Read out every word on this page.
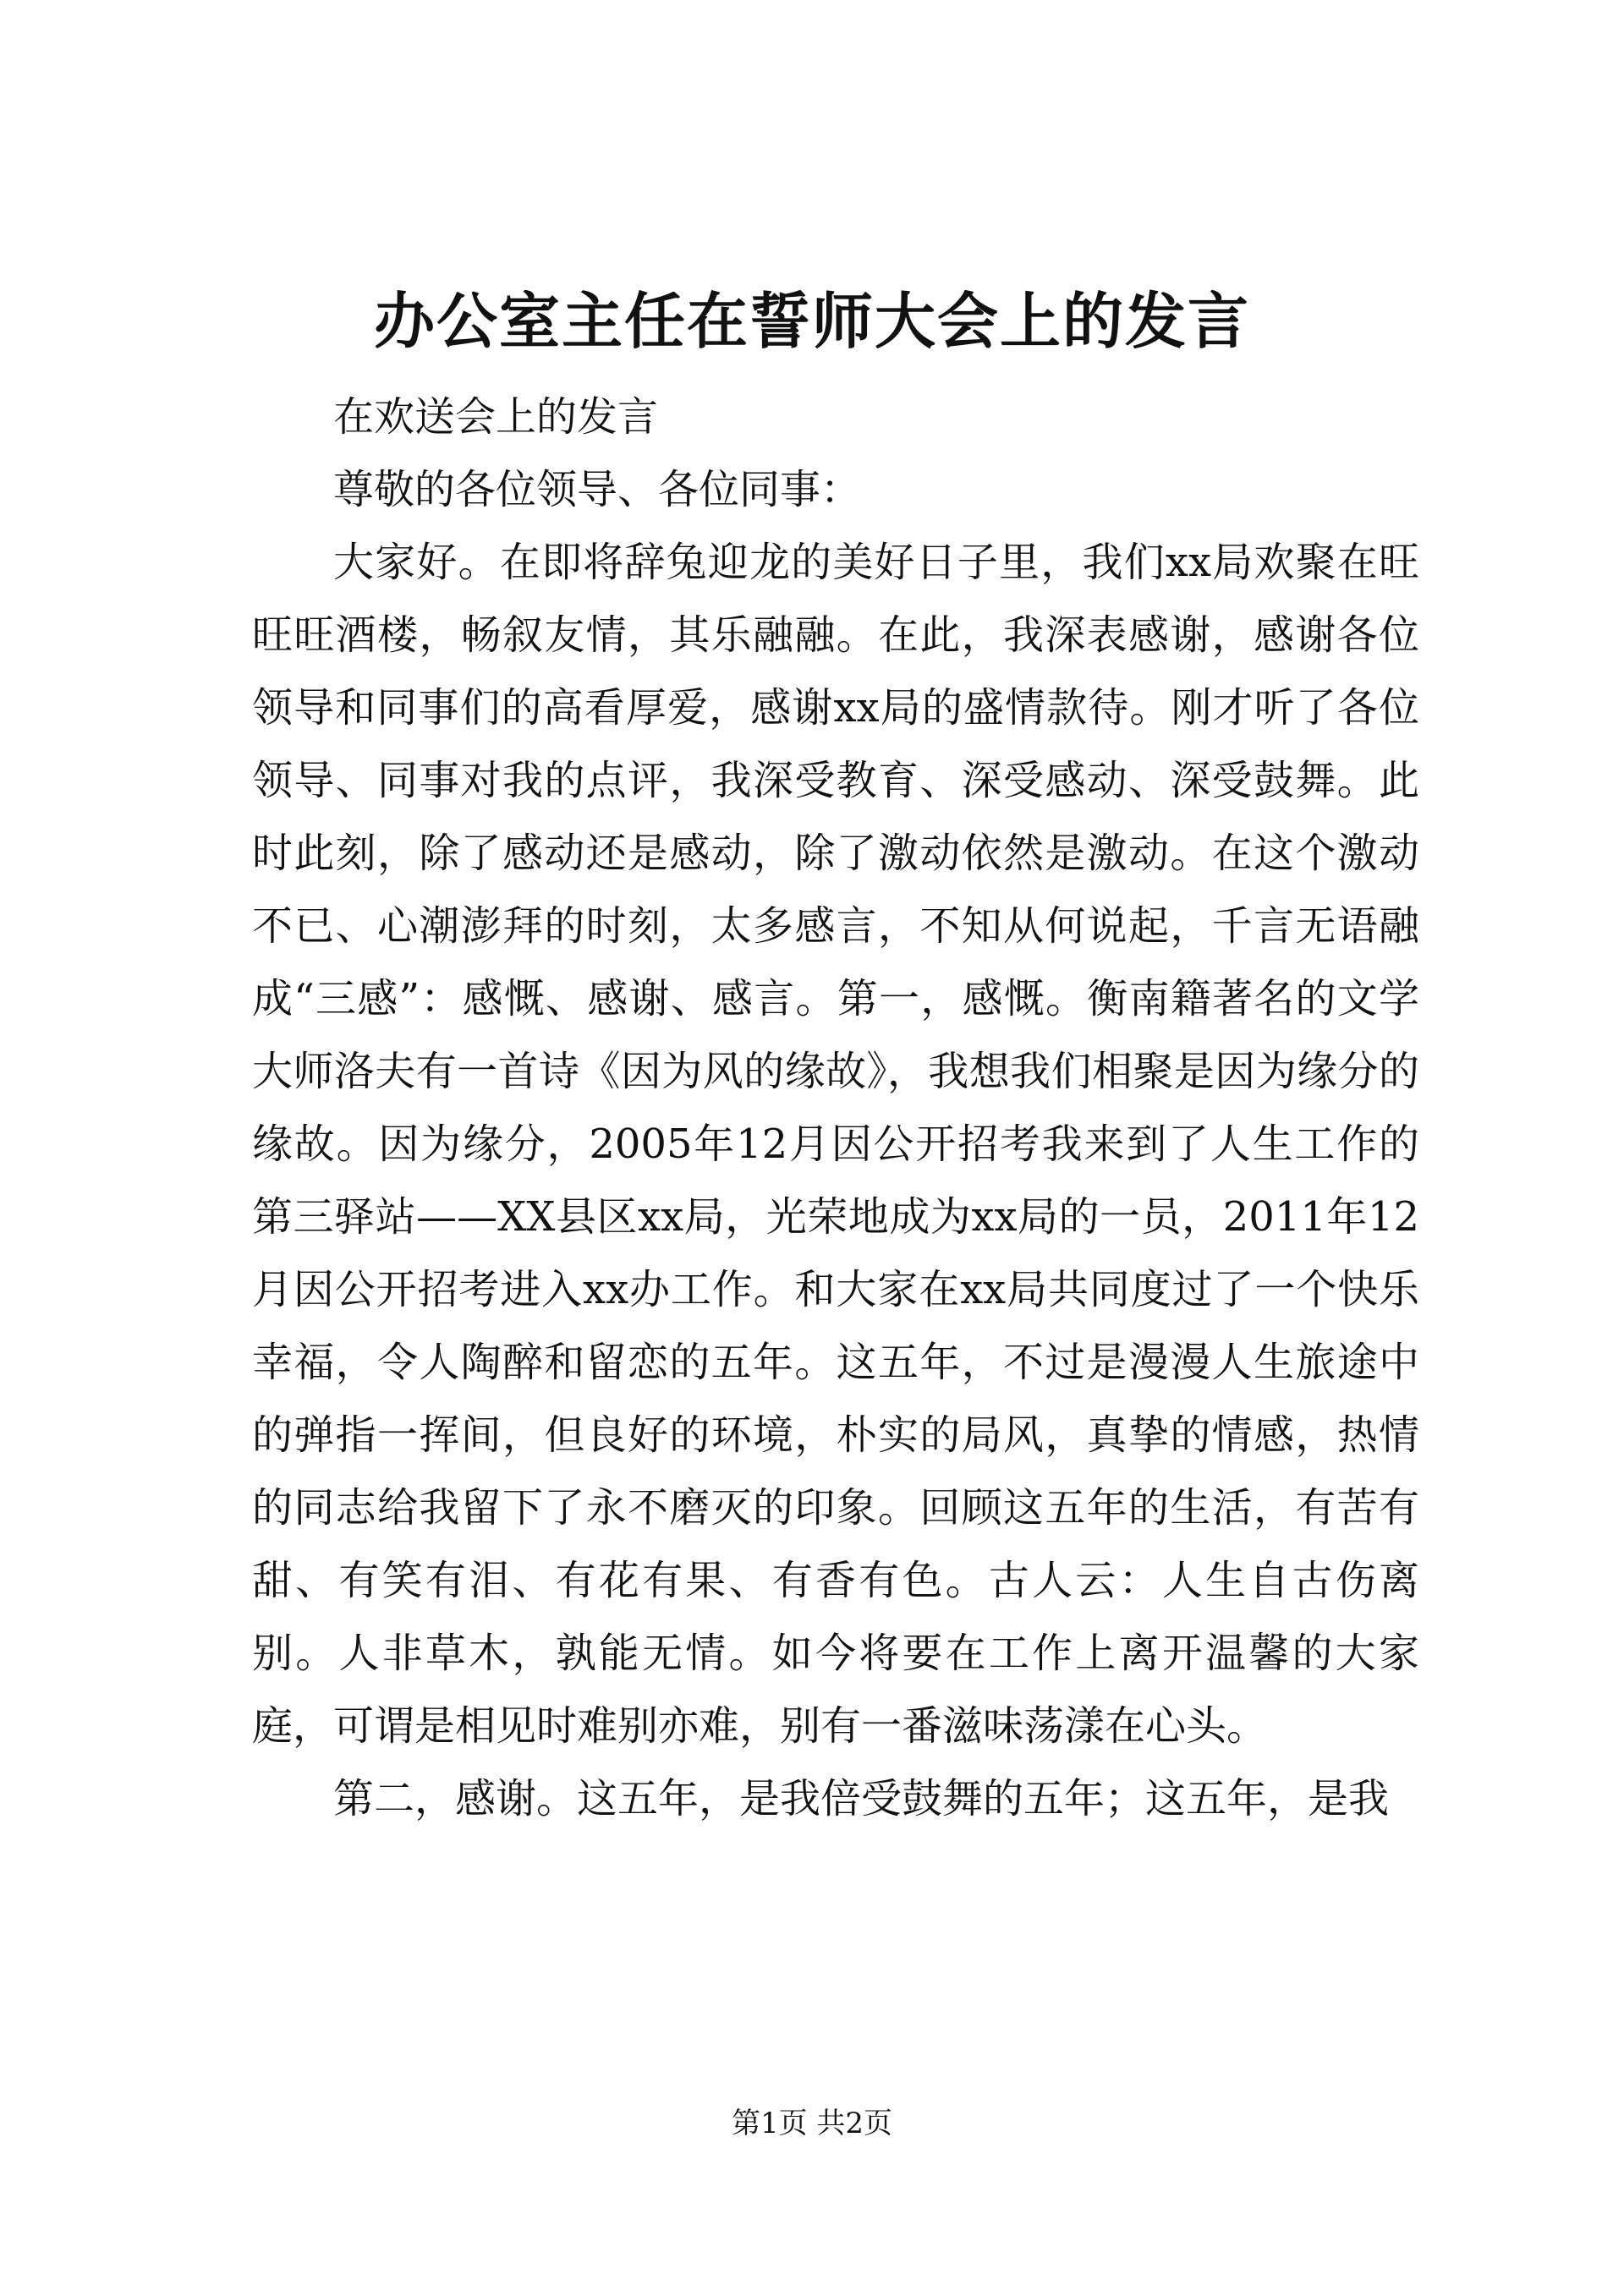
办公室主任在誓师大会上的发言

在欢送会上的发言

尊敬的各位领导、各位同事：

大家好。在即将辞兔迎龙的美好日子里，我们xx局欢聚在旺旺旺酒楼，畅叙友情，其乐融融。在此，我深表感谢，感谢各位领导和同事们的高看厚爱，感谢xx局的盛情款待。刚才听了各位领导、同事对我的点评，我深受教育、深受感动、深受鼓舞。此时此刻，除了感动还是感动，除了激动依然是激动。在这个激动不已、心潮澎拜的时刻，太多感言，不知从何说起，千言无语融成“三感”：感慨、感谢、感言。第一，感慨。衡南籍著名的文学大师洛夫有一首诗《因为风的缘故》，我想我们相聚是因为缘分的缘故。因为缘分，2005年12月因公开招考我来到了人生工作的第三驿站——XX县区xx局，光荣地成为xx局的一员，2011年12月因公开招考进入xx办工作。和大家在xx局共同度过了一个快乐幸福，令人陶醉和留恋的五年。这五年，不过是漫漫人生旅途中的弹指一挥间，但良好的环境，朴实的局风，真挚的情感，热情的同志给我留下了永不磨灭的印象。回顾这五年的生活，有苦有甜、有笑有泪、有花有果、有香有色。古人云：人生自古伤离别。人非草木，孰能无情。如今将要在工作上离开温馨的大家庭，可谓是相见时难别亦难，别有一番滋味荡漾在心头。

第二，感谢。这五年，是我倍受鼓舞的五年；这五年，是我

第1页 共2页
